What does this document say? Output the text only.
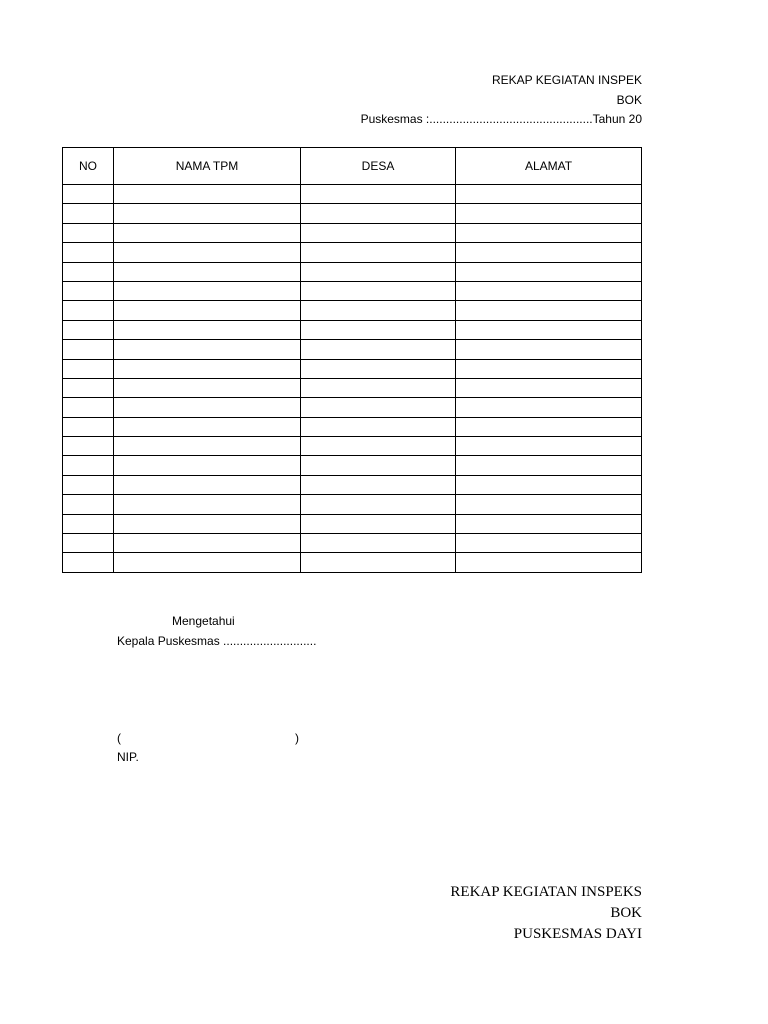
REKAP KEGIATAN INSPEK
BOK
Puskesmas :.................................................Tahun 20
NO	NAMA TPM	DESA	ALAMAT

Mengetahui
Kepala Puskesmas ............................
(	)
NIP.
REKAP KEGIATAN INSPEKS
BOK
PUSKESMAS DAYI
